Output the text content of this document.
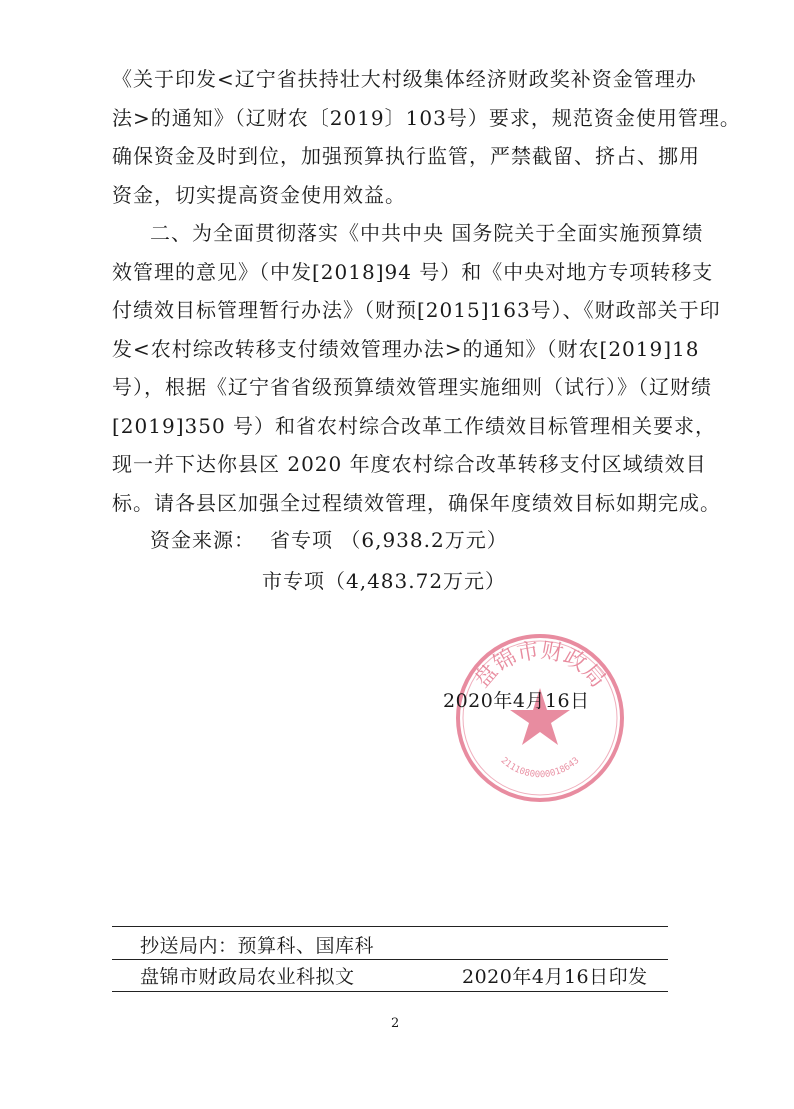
《关于印发<辽宁省扶持壮大村级集体经济财政奖补资金管理办
法>的通知》（辽财农〔2019〕103号）要求，规范资金使用管理。
确保资金及时到位，加强预算执行监管，严禁截留、挤占、挪用
资金，切实提高资金使用效益。
二、为全面贯彻落实《中共中央 国务院关于全面实施预算绩
效管理的意见》（中发[2018]94 号）和《中央对地方专项转移支
付绩效目标管理暂行办法》（财预[2015]163号）、《财政部关于印
发<农村综改转移支付绩效管理办法>的通知》（财农[2019]18
号），根据《辽宁省省级预算绩效管理实施细则（试行）》（辽财绩
[2019]350 号）和省农村综合改革工作绩效目标管理相关要求，
现一并下达你县区 2020 年度农村综合改革转移支付区域绩效目
标。请各县区加强全过程绩效管理，确保年度绩效目标如期完成。
资金来源： 省专项 （6,938.2万元）
市专项（4,483.72万元）
盘锦市财政局
2111080000018643
2020年4月16日
抄送局内：预算科、国库科
盘锦市财政局农业科拟文	2020年4月16日印发
2
